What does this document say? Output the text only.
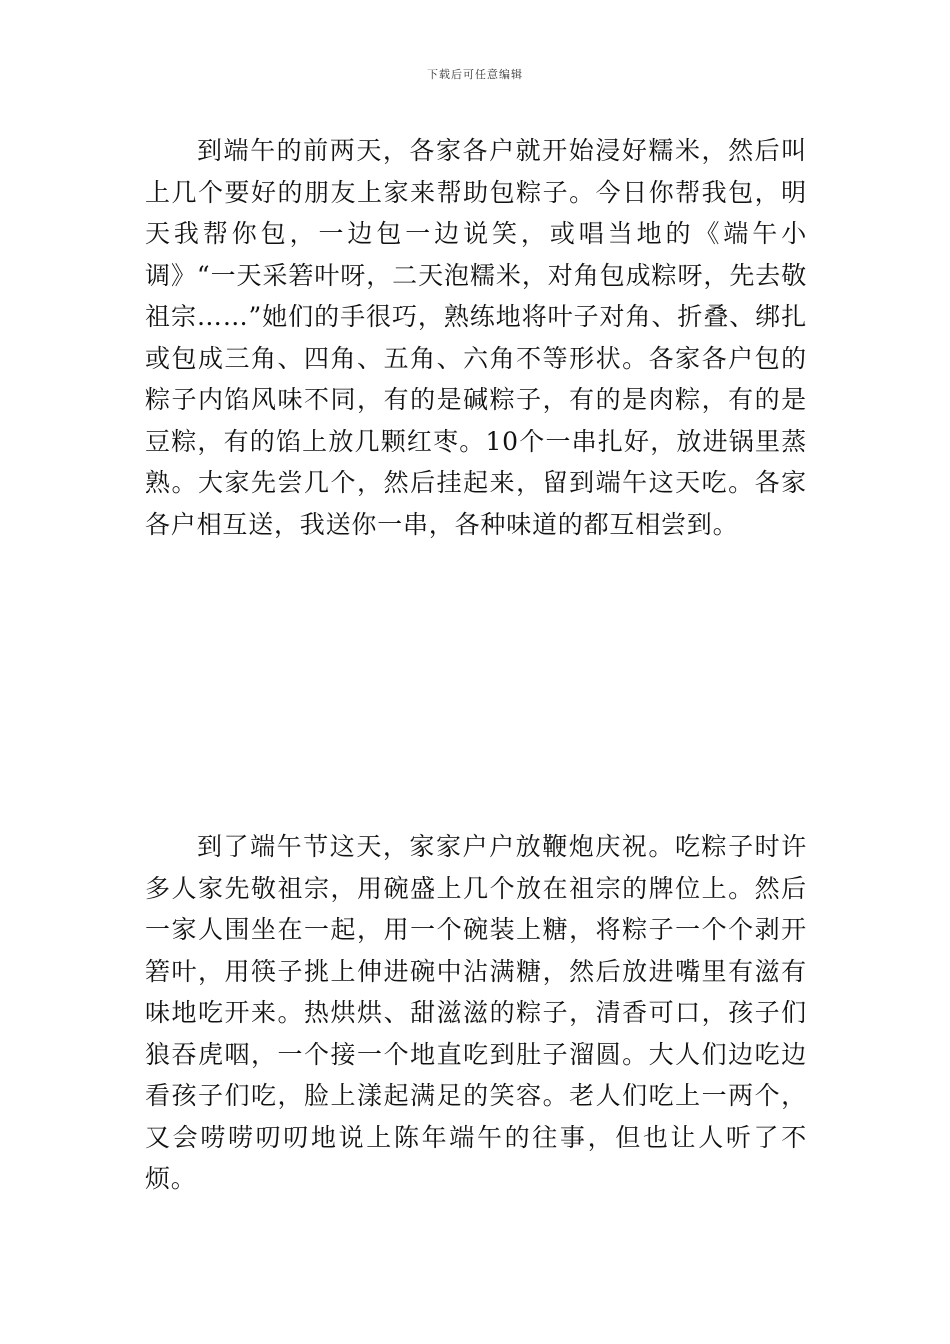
下载后可任意编辑

到端午的前两天，各家各户就开始浸好糯米，然后叫上几个要好的朋友上家来帮助包粽子。今日你帮我包，明天我帮你包，一边包一边说笑，或唱当地的《端午小调》“一天采箬叶呀，二天泡糯米，对角包成粽呀，先去敬祖宗……”她们的手很巧，熟练地将叶子对角、折叠、绑扎或包成三角、四角、五角、六角不等形状。各家各户包的粽子内馅风味不同，有的是碱粽子，有的是肉粽，有的是豆粽，有的馅上放几颗红枣。10个一串扎好，放进锅里蒸熟。大家先尝几个，然后挂起来，留到端午这天吃。各家各户相互送，我送你一串，各种味道的都互相尝到。

到了端午节这天，家家户户放鞭炮庆祝。吃粽子时许多人家先敬祖宗，用碗盛上几个放在祖宗的牌位上。然后一家人围坐在一起，用一个碗装上糖，将粽子一个个剥开箬叶，用筷子挑上伸进碗中沾满糖，然后放进嘴里有滋有味地吃开来。热烘烘、甜滋滋的粽子，清香可口，孩子们狼吞虎咽，一个接一个地直吃到肚子溜圆。大人们边吃边看孩子们吃，脸上漾起满足的笑容。老人们吃上一两个，又会唠唠叨叨地说上陈年端午的往事，但也让人听了不烦。
